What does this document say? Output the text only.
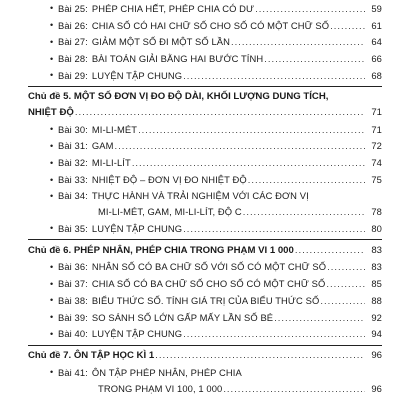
• Bài 25: PHÉP CHIA HẾT, PHÉP CHIA CÓ DƯ .....	59
• Bài 26: CHIA SỐ CÓ HAI CHỮ SỐ CHO SỐ CÓ MỘT CHỮ SỐ .....	61
• Bài 27: GIẢM MỘT SỐ ĐI MỘT SỐ LẦN .....	64
• Bài 28: BÀI TOÁN GIẢI BẰNG HAI BƯỚC TÍNH .....	66
• Bài 29: LUYỆN TẬP CHUNG .....	68
Chủ đề 5. MỘT SỐ ĐƠN VỊ ĐO ĐỘ DÀI, KHỐI LƯỢNG DUNG TÍCH,
NHIỆT ĐỘ .....	71
• Bài 30: MI-LI-MÉT .....	71
• Bài 31: GAM .....	72
• Bài 32: MI-LI-LÍT .....	74
• Bài 33: NHIỆT ĐỘ – ĐƠN VỊ ĐO NHIỆT ĐỘ .....	75
• Bài 34: THỰC HÀNH VÀ TRẢI NGHIỆM VỚI CÁC ĐƠN VỊ
MI-LI-MÉT, GAM, MI-LI-LÍT, ĐỘ C .....	78
• Bài 35: LUYỆN TẬP CHUNG .....	80
Chủ đề 6. PHÉP NHÂN, PHÉP CHIA TRONG PHẠM VI 1 000 .....	83
• Bài 36: NHÂN SỐ CÓ BA CHỮ SỐ VỚI SỐ CÓ MỘT CHỮ SỐ .....	83
• Bài 37: CHIA SỐ CÓ BA CHỮ SỐ CHO SỐ CÓ MỘT CHỮ SỐ .....	85
• Bài 38: BIỂU THỨC SỐ. TÍNH GIÁ TRỊ CỦA BIỂU THỨC SỐ .....	88
• Bài 39: SO SÁNH SỐ LỚN GẤP MẤY LẦN SỐ BÉ .....	92
• Bài 40: LUYỆN TẬP CHUNG .....	94
Chủ đề 7. ÔN TẬP HỌC KÌ 1 .....	96
• Bài 41: ÔN TẬP PHÉP NHÂN, PHÉP CHIA
TRONG PHẠM VI 100, 1 000 .....	96
